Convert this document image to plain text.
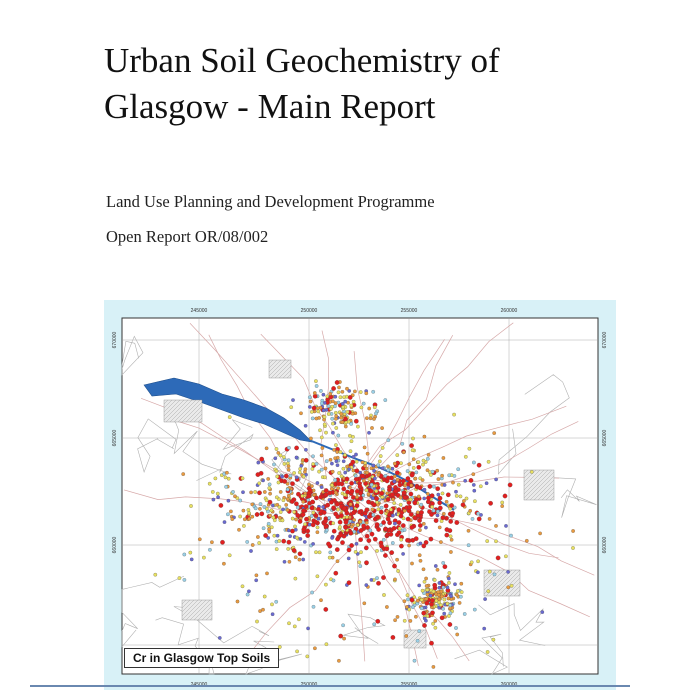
Urban Soil Geochemistry of
Glasgow - Main Report

Land Use Planning and Development Programme

Open Report OR/08/002

245000	250000	255000	260000
670000
665000
660000
670000
665000
660000
Cr in Glasgow Top Soils
